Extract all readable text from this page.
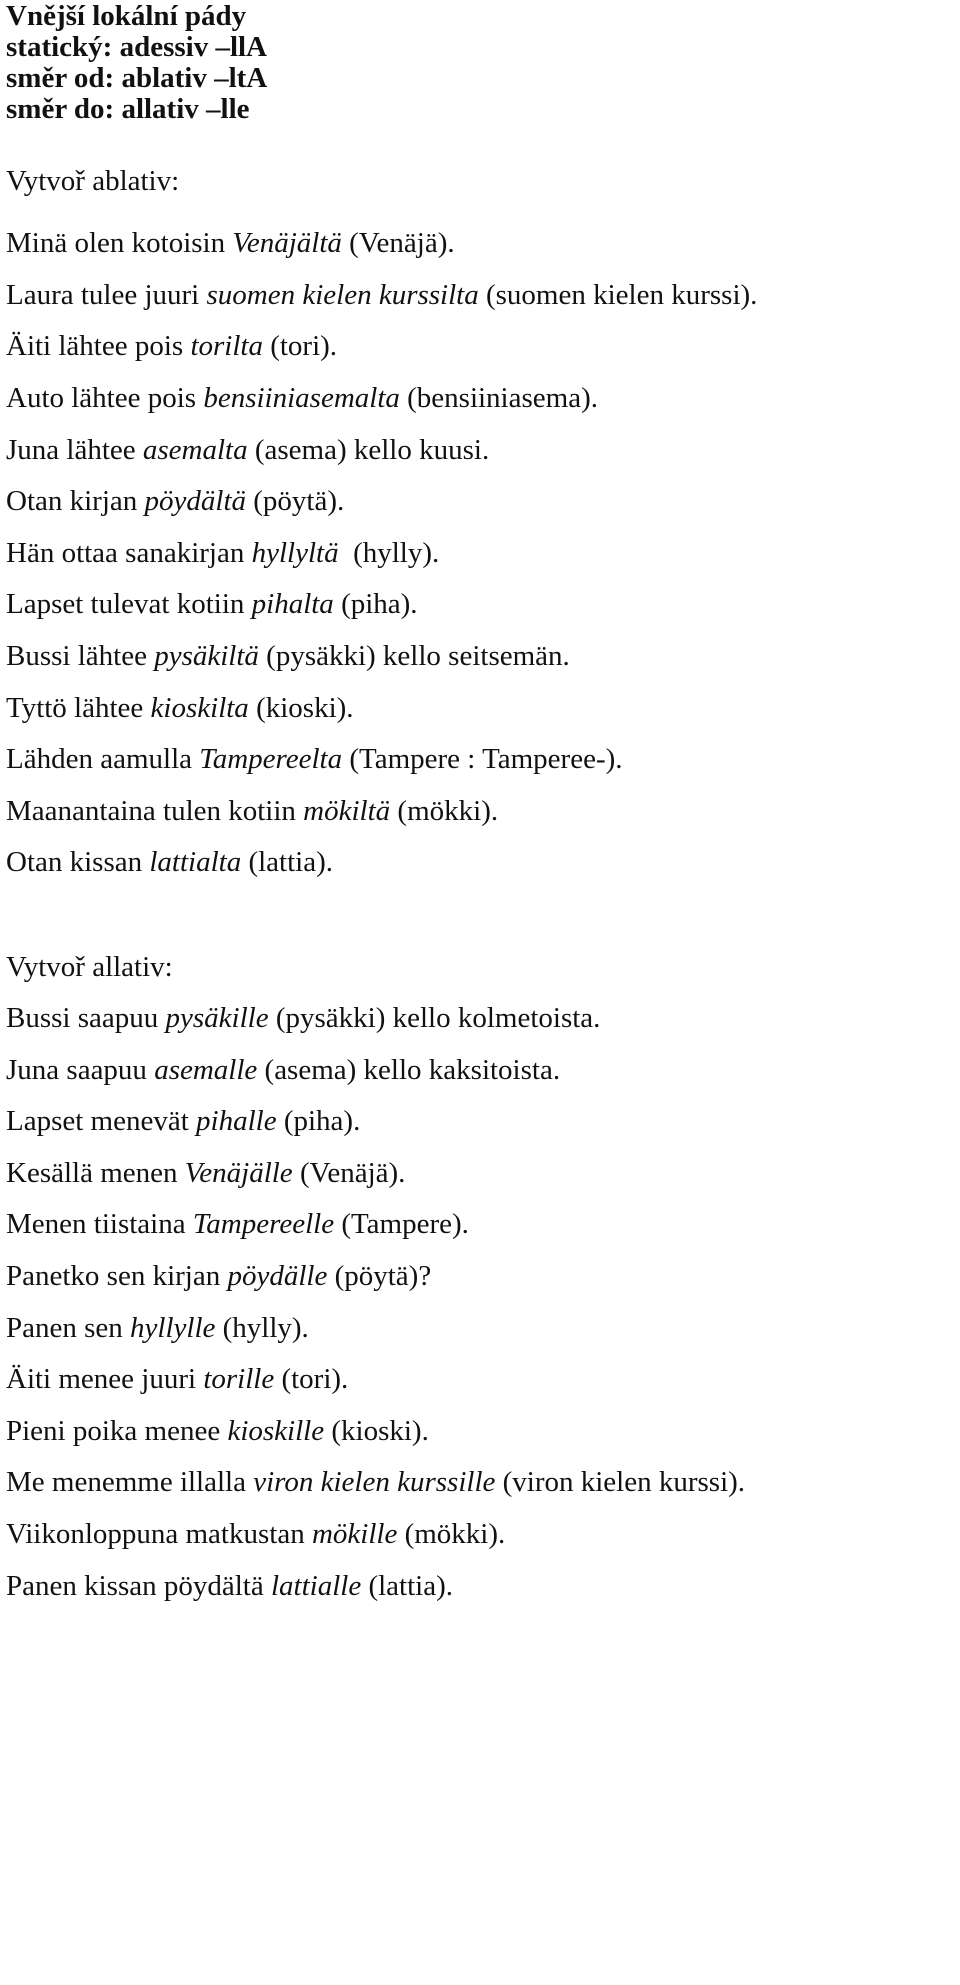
Vnější lokální pády

statický: adessiv –llA

směr od: ablativ –ltA

směr do: allativ –lle

Vytvoř ablativ:

Minä olen kotoisin Venäjältä (Venäjä).

Laura tulee juuri suomen kielen kurssilta (suomen kielen kurssi).

Äiti lähtee pois torilta (tori).

Auto lähtee pois bensiiniasemalta (bensiiniasema).

Juna lähtee asemalta (asema) kello kuusi.

Otan kirjan pöydältä (pöytä).

Hän ottaa sanakirjan hyllyltä  (hylly).

Lapset tulevat kotiin pihalta (piha).

Bussi lähtee pysäkiltä (pysäkki) kello seitsemän.

Tyttö lähtee kioskilta (kioski).

Lähden aamulla Tampereelta (Tampere : Tamperee-).

Maanantaina tulen kotiin mökiltä (mökki).

Otan kissan lattialta (lattia).

Vytvoř allativ:

Bussi saapuu pysäkille (pysäkki) kello kolmetoista.

Juna saapuu asemalle (asema) kello kaksitoista.

Lapset menevät pihalle (piha).

Kesällä menen Venäjälle (Venäjä).

Menen tiistaina Tampereelle (Tampere).

Panetko sen kirjan pöydälle (pöytä)?

Panen sen hyllylle (hylly).

Äiti menee juuri torille (tori).

Pieni poika menee kioskille (kioski).

Me menemme illalla viron kielen kurssille (viron kielen kurssi).

Viikonloppuna matkustan mökille (mökki).

Panen kissan pöydältä lattialle (lattia).
